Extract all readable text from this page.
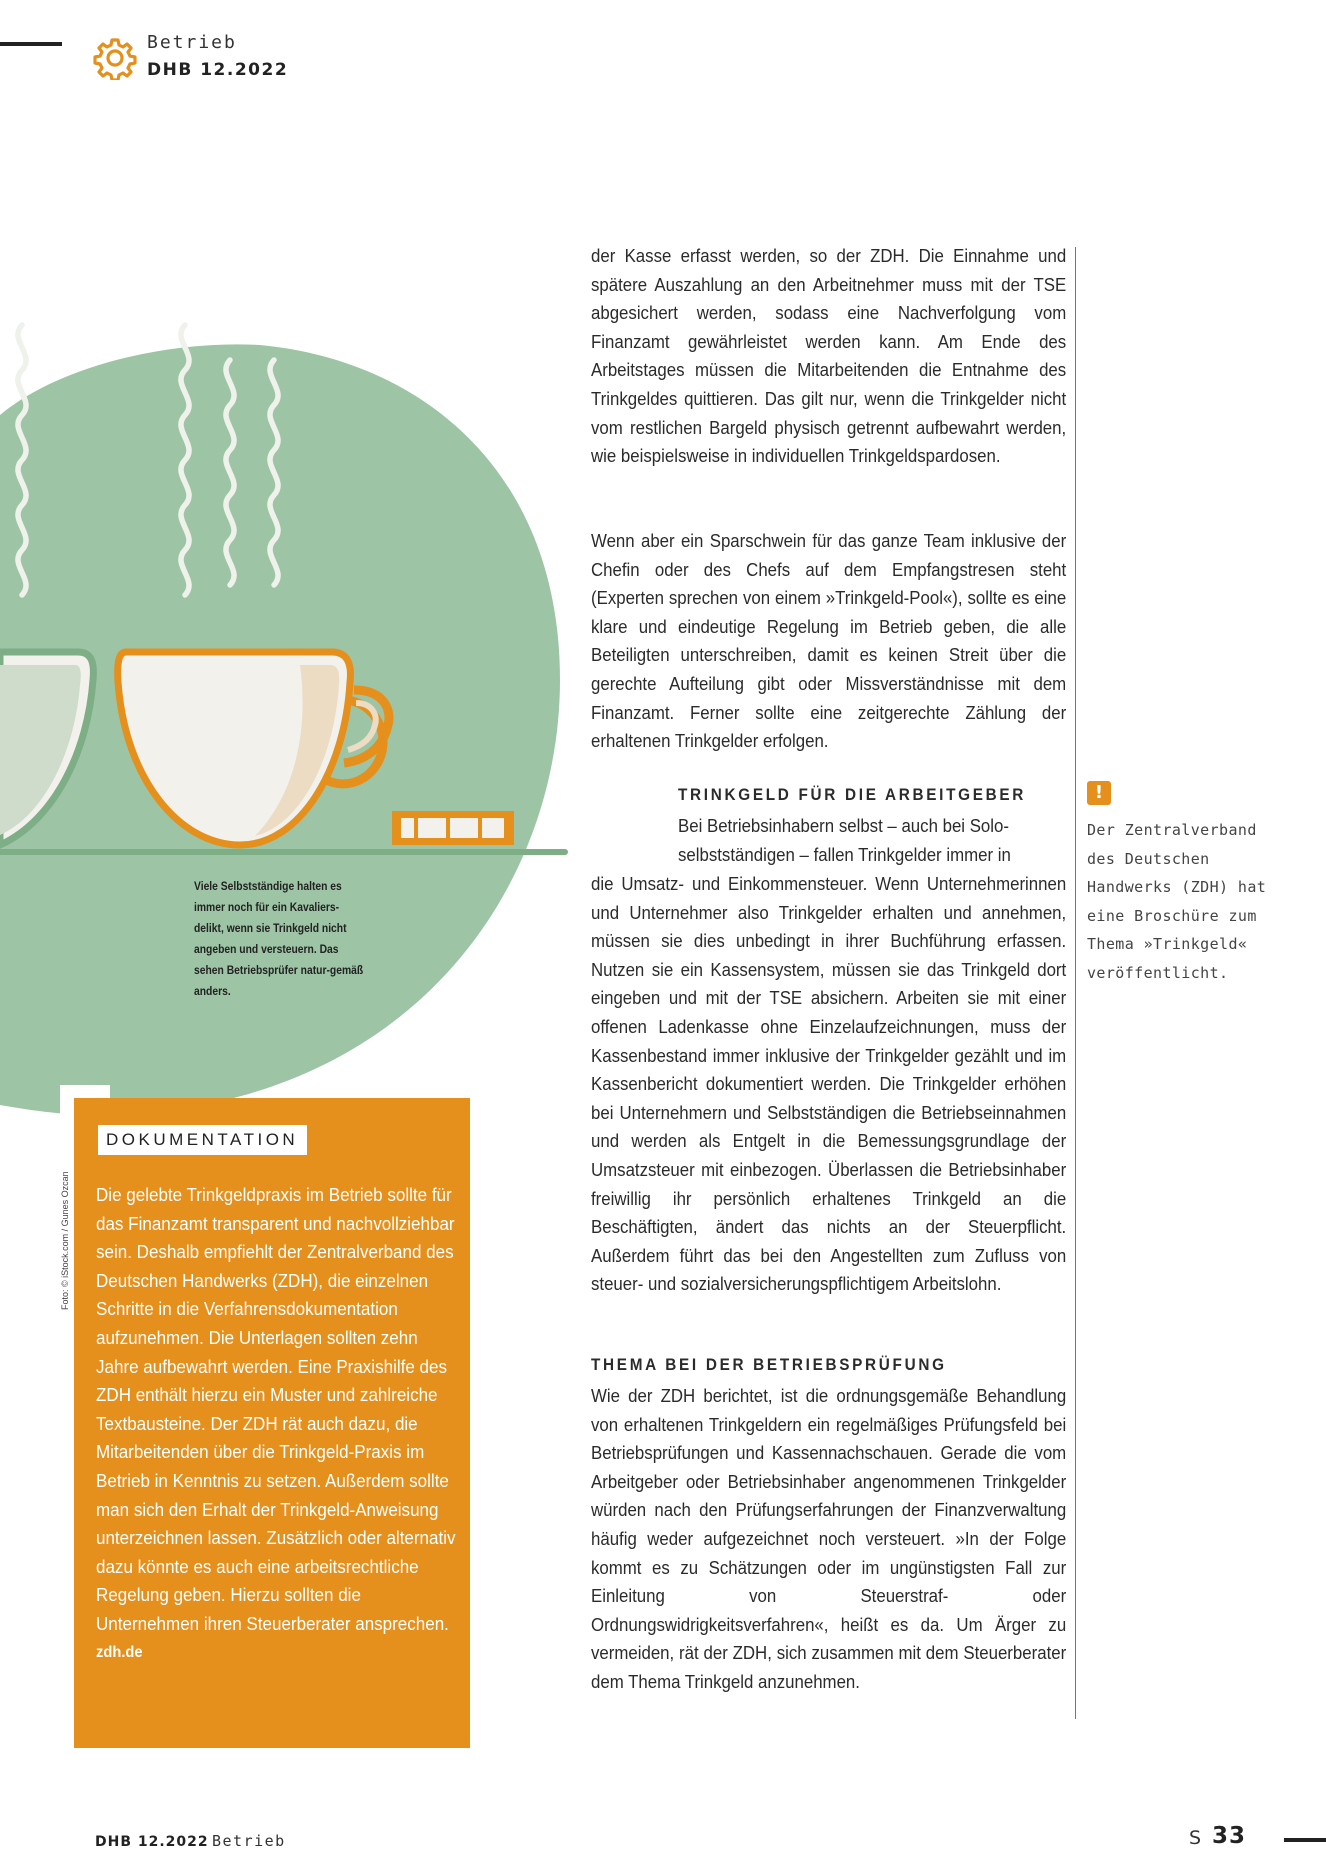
Betrieb
DHB 12.2022
Viele Selbstständige halten es immer noch für ein Kavaliers-delikt, wenn sie Trinkgeld nicht angeben und versteuern. Das sehen Betriebsprüfer natur-gemäß anders.
Foto: © iStock.com / Gunes Ozcan
DOKUMENTATION
Die gelebte Trinkgeldpraxis im Betrieb sollte für das Finanzamt transparent und nachvollziehbar sein. Deshalb empfiehlt der Zentralverband des Deutschen Handwerks (ZDH), die einzelnen Schritte in die Verfahrensdokumentation aufzunehmen. Die Unterlagen sollten zehn Jahre aufbewahrt werden. Eine Praxishilfe des ZDH enthält hierzu ein Muster und zahlreiche Textbausteine. Der ZDH rät auch dazu, die Mitarbeitenden über die Trinkgeld-Praxis im Betrieb in Kenntnis zu setzen. Außerdem sollte man sich den Erhalt der Trinkgeld-Anweisung unterzeichnen lassen. Zusätzlich oder alternativ dazu könnte es auch eine arbeitsrechtliche Regelung geben. Hierzu sollten die Unternehmen ihren Steuerberater ansprechen.
zdh.de
der Kasse erfasst werden, so der ZDH. Die Einnahme und spätere Auszahlung an den Arbeitnehmer muss mit der TSE abgesichert werden, sodass eine Nachverfolgung vom Finanzamt gewährleistet werden kann. Am Ende des Arbeitstages müssen die Mitarbeitenden die Entnahme des Trinkgeldes quittieren. Das gilt nur, wenn die Trinkgelder nicht vom restlichen Bargeld physisch getrennt aufbewahrt werden, wie beispielsweise in individuellen Trinkgeldspardosen.
Wenn aber ein Sparschwein für das ganze Team inklusive der Chefin oder des Chefs auf dem Empfangstresen steht (Experten sprechen von einem »Trinkgeld-Pool«), sollte es eine klare und eindeutige Regelung im Betrieb geben, die alle Beteiligten unterschreiben, damit es keinen Streit über die gerechte Aufteilung gibt oder Missverständnisse mit dem Finanzamt. Ferner sollte eine zeitgerechte Zählung der erhaltenen Trinkgelder erfolgen.
TRINKGELD FÜR DIE ARBEITGEBER
Bei Betriebsinhabern selbst – auch bei Solo-selbstständigen – fallen Trinkgelder immer in
die Umsatz- und Einkommensteuer. Wenn Unternehmerinnen und Unternehmer also Trinkgelder erhalten und annehmen, müssen sie dies unbedingt in ihrer Buchführung erfassen. Nutzen sie ein Kassensystem, müssen sie das Trinkgeld dort eingeben und mit der TSE absichern. Arbeiten sie mit einer offenen Ladenkasse ohne Einzelaufzeichnungen, muss der Kassenbestand immer inklusive der Trinkgelder gezählt und im Kassenbericht dokumentiert werden. Die Trinkgelder erhöhen bei Unternehmern und Selbstständigen die Betriebseinnahmen und werden als Entgelt in die Bemessungsgrundlage der Umsatzsteuer mit einbezogen. Überlassen die Betriebsinhaber freiwillig ihr persönlich erhaltenes Trinkgeld an die Beschäftigten, ändert das nichts an der Steuerpflicht. Außerdem führt das bei den Angestellten zum Zufluss von steuer- und sozialversicherungspflichtigem Arbeitslohn.
THEMA BEI DER BETRIEBSPRÜFUNG
Wie der ZDH berichtet, ist die ordnungsgemäße Behandlung von erhaltenen Trinkgeldern ein regelmäßiges Prüfungsfeld bei Betriebsprüfungen und Kassennachschauen. Gerade die vom Arbeitgeber oder Betriebsinhaber angenommenen Trinkgelder würden nach den Prüfungserfahrungen der Finanzverwaltung häufig weder aufgezeichnet noch versteuert. »In der Folge kommt es zu Schätzungen oder im ungünstigsten Fall zur Einleitung von Steuerstraf- oder Ordnungswidrigkeitsverfahren«, heißt es da. Um Ärger zu vermeiden, rät der ZDH, sich zusammen mit dem Steuerberater dem Thema Trinkgeld anzunehmen.
!
Der Zentralverband des Deutschen Handwerks (ZDH) hat eine Broschüre zum Thema »Trinkgeld« veröffentlicht.
DHB 12.2022 Betrieb	S 33
